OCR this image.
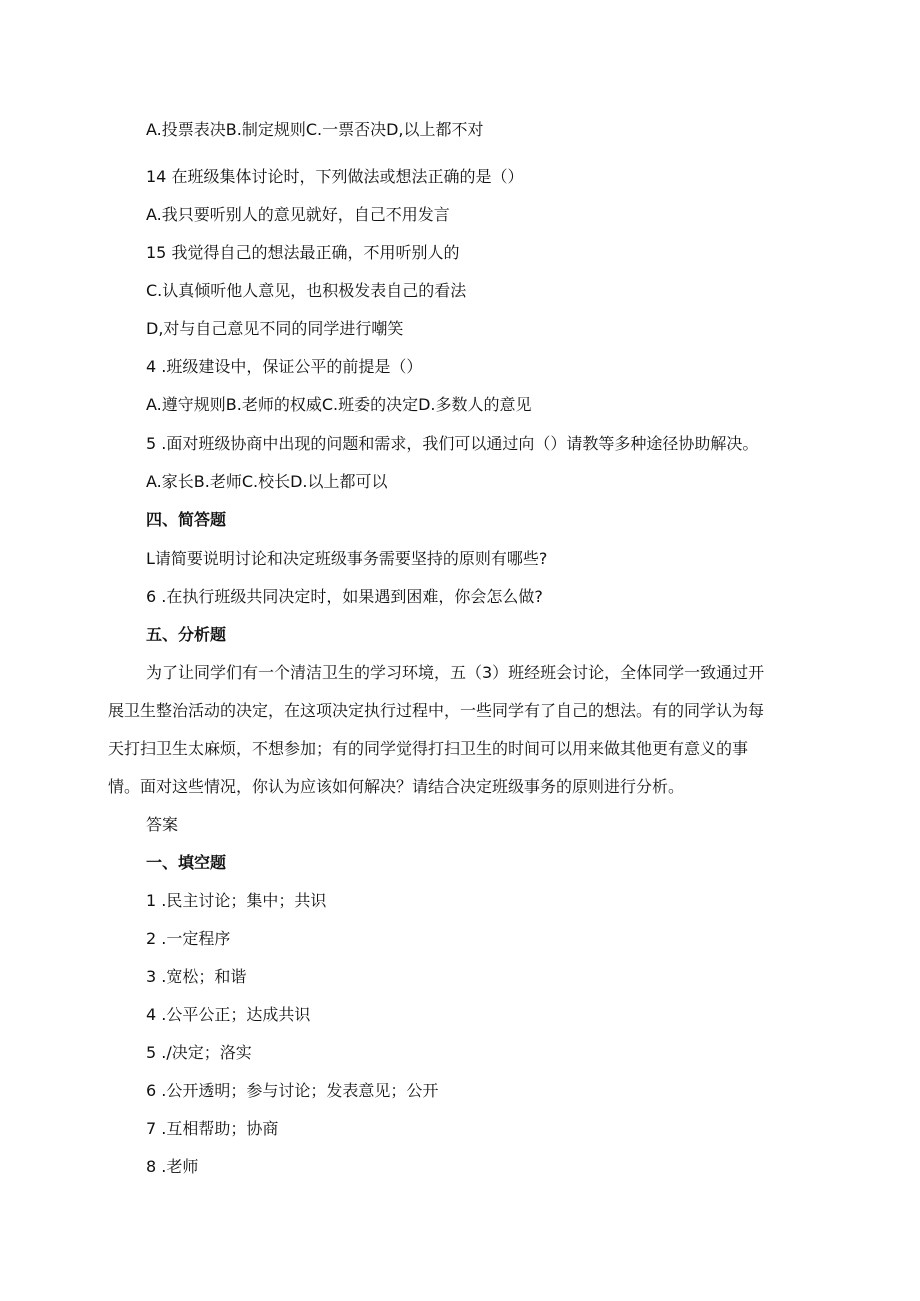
A.投票表决B.制定规则C.一票否决D,以上都不对
14 在班级集体讨论时，下列做法或想法正确的是（）
A.我只要听别人的意见就好，自己不用发言
15 我觉得自己的想法最正确，不用听别人的
C.认真倾听他人意见，也积极发表自己的看法
D,对与自己意见不同的同学进行嘲笑
4 .班级建设中，保证公平的前提是（）
A.遵守规则B.老师的权威C.班委的决定D.多数人的意见
5 .面对班级协商中出现的问题和需求，我们可以通过向（）请教等多种途径协助解决。
A.家长B.老师C.校长D.以上都可以
四、简答题
L请简要说明讨论和决定班级事务需要坚持的原则有哪些?
6 .在执行班级共同决定时，如果遇到困难，你会怎么做?
五、分析题
为了让同学们有一个清洁卫生的学习环境，五（3）班经班会讨论，全体同学一致通过开
展卫生整治活动的决定，在这项决定执行过程中，一些同学有了自己的想法。有的同学认为每
天打扫卫生太麻烦，不想参加；有的同学觉得打扫卫生的时间可以用来做其他更有意义的事
情。面对这些情况，你认为应该如何解决？请结合决定班级事务的原则进行分析。
答案
一、填空题
1 .民主讨论；集中；共识
2 .一定程序
3 .宽松；和谐
4 .公平公正；达成共识
5 ./决定；洛实
6 .公开透明；参与讨论；发表意见；公开
7 .互相帮助；协商
8 .老师
